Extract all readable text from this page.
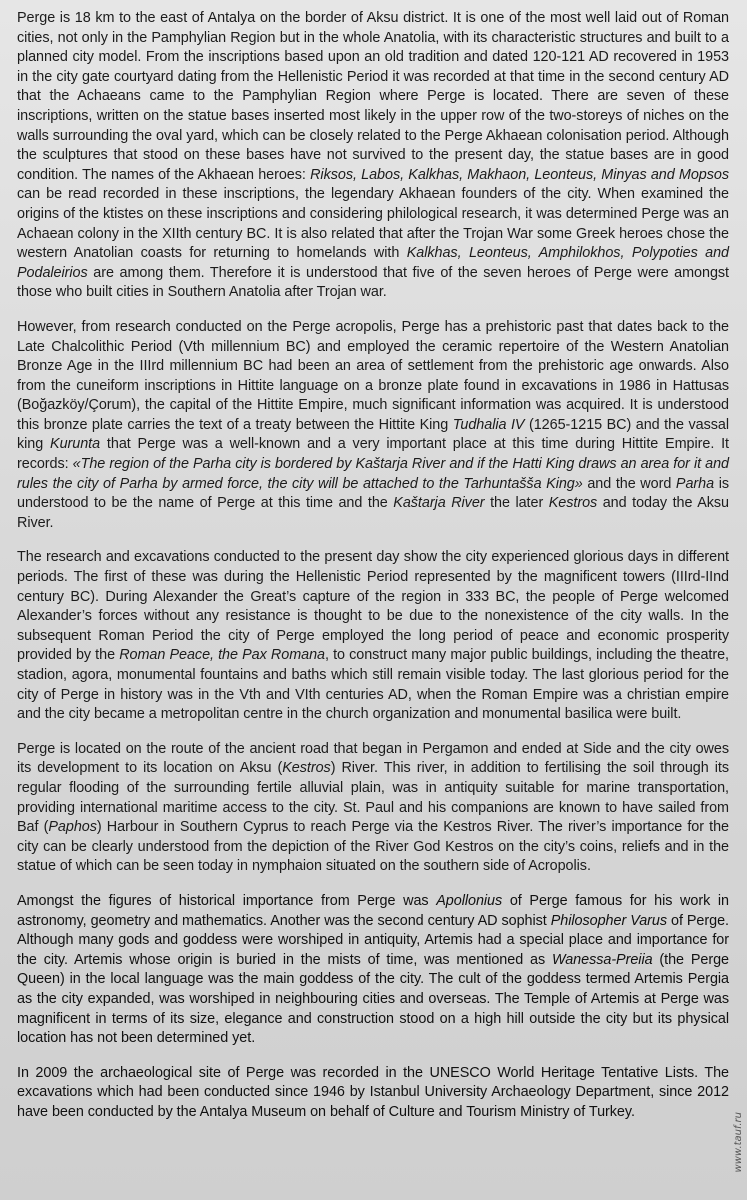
Perge is 18 km to the east of Antalya on the border of Aksu district. It is one of the most well laid out of Roman cities, not only in the Pamphylian Region but in the whole Anatolia, with its characteristic structures and built to a planned city model. From the inscriptions based upon an old tradition and dated 120-121 AD recovered in 1953 in the city gate courtyard dating from the Hellenistic Period it was recorded at that time in the second century AD that the Achaeans came to the Pamphylian Region where Perge is located. There are seven of these inscriptions, written on the statue bases inserted most likely in the upper row of the two-storeys of niches on the walls surrounding the oval yard, which can be closely related to the Perge Akhaean colonisation period. Although the sculptures that stood on these bases have not survived to the present day, the statue bases are in good condition. The names of the Akhaean heroes: Riksos, Labos, Kalkhas, Makhaon, Leonteus, Minyas and Mopsos can be read recorded in these inscriptions, the legendary Akhaean founders of the city. When examined the origins of the ktistes on these inscriptions and considering philological research, it was determined Perge was an Achaean colony in the XIIth century BC. It is also related that after the Trojan War some Greek heroes chose the western Anatolian coasts for returning to homelands with Kalkhas, Leonteus, Amphilokhos, Polypoties and Podaleirios are among them. Therefore it is understood that five of the seven heroes of Perge were amongst those who built cities in Southern Anatolia after Trojan war.

However, from research conducted on the Perge acropolis, Perge has a prehistoric past that dates back to the Late Chalcolithic Period (Vth millennium BC) and employed the ceramic repertoire of the Western Anatolian Bronze Age in the IIIrd millennium BC had been an area of settlement from the prehistoric age onwards. Also from the cuneiform inscriptions in Hittite language on a bronze plate found in excavations in 1986 in Hattusas (Boğazköy/Çorum), the capital of the Hittite Empire, much significant information was acquired. It is understood this bronze plate carries the text of a treaty between the Hittite King Tudhalia IV (1265-1215 BC) and the vassal king Kurunta that Perge was a well-known and a very important place at this time during Hittite Empire. It records: «The region of the Parha city is bordered by Kaštarja River and if the Hatti King draws an area for it and rules the city of Parha by armed force, the city will be attached to the Tarhuntašša King» and the word Parha is understood to be the name of Perge at this time and the Kaštarja River the later Kestros and today the Aksu River.

The research and excavations conducted to the present day show the city experienced glorious days in different periods. The first of these was during the Hellenistic Period represented by the magnificent towers (IIIrd-IInd century BC). During Alexander the Great’s capture of the region in 333 BC, the people of Perge welcomed Alexander’s forces without any resistance is thought to be due to the nonexistence of the city walls. In the subsequent Roman Period the city of Perge employed the long period of peace and economic prosperity provided by the Roman Peace, the Pax Romana, to construct many major public buildings, including the theatre, stadion, agora, monumental fountains and baths which still remain visible today. The last glorious period for the city of Perge in history was in the Vth and VIth centuries AD, when the Roman Empire was a christian empire and the city became a metropolitan centre in the church organization and monumental basilica were built.

Perge is located on the route of the ancient road that began in Pergamon and ended at Side and the city owes its development to its location on Aksu (Kestros) River. This river, in addition to fertilising the soil through its regular flooding of the surrounding fertile alluvial plain, was in antiquity suitable for marine transportation, providing international maritime access to the city. St. Paul and his companions are known to have sailed from Baf (Paphos) Harbour in Southern Cyprus to reach Perge via the Kestros River. The river’s importance for the city can be clearly understood from the depiction of the River God Kestros on the city’s coins, reliefs and in the statue of which can be seen today in nymphaion situated on the southern side of Acropolis.

Amongst the figures of historical importance from Perge was Apollonius of Perge famous for his work in astronomy, geometry and mathematics. Another was the second century AD sophist Philosopher Varus of Perge. Although many gods and goddess were worshiped in antiquity, Artemis had a special place and importance for the city. Artemis whose origin is buried in the mists of time, was mentioned as Wanessa-Preiia (the Perge Queen) in the local language was the main goddess of the city. The cult of the goddess termed Artemis Pergia as the city expanded, was worshiped in neighbouring cities and overseas. The Temple of Artemis at Perge was magnificent in terms of its size, elegance and construction stood on a high hill outside the city but its physical location has not been determined yet.

In 2009 the archaeological site of Perge was recorded in the UNESCO World Heritage Tentative Lists. The excavations which had been conducted since 1946 by Istanbul University Archaeology Department, since 2012 have been conducted by the Antalya Museum on behalf of Culture and Tourism Ministry of Turkey.

www.tauf.ru
